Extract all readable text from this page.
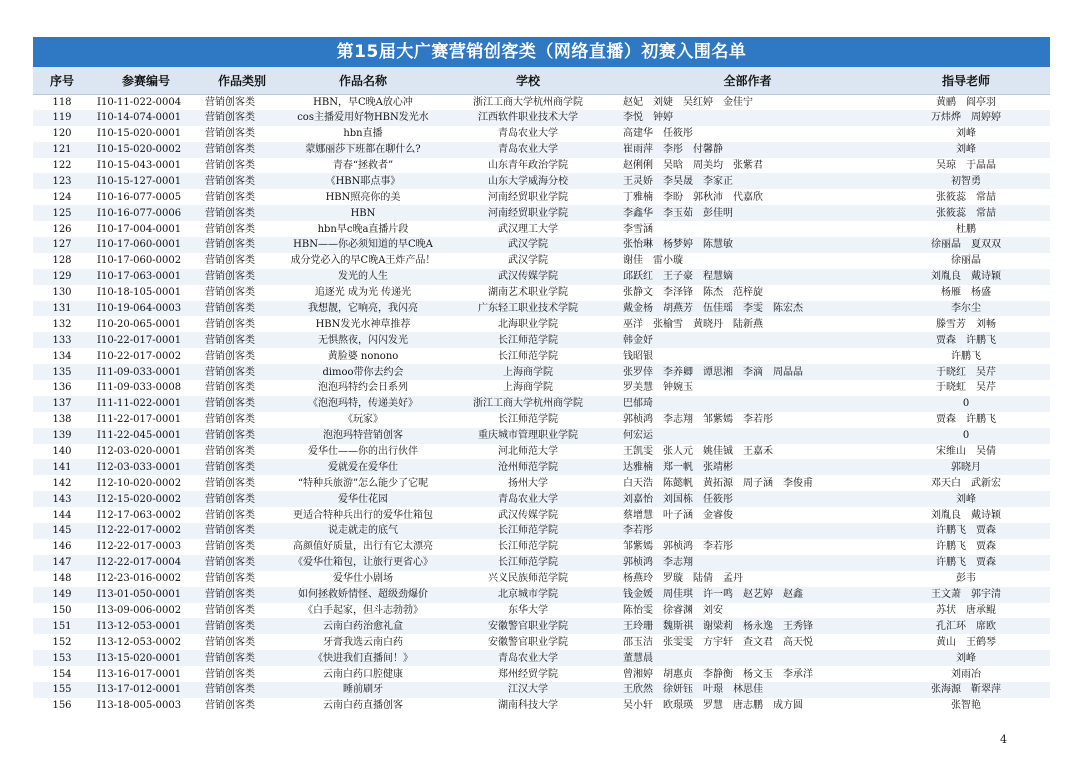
第15届大广赛营销创客类（网络直播）初赛入围名单
序号	参赛编号	作品类别	作品名称	学校	全部作者	指导老师
118	I10-11-022-0004	营销创客类	HBN，早C晚A放心冲	浙江工商大学杭州商学院	赵妃　刘婕　吴红婷　金佳宁	黄鹂　阎亭羽
119	I10-14-074-0001	营销创客类	cos主播爱用好物HBN发光水	江西软件职业技术大学	李悦　钟婷	万炜烨　周婷婷
120	I10-15-020-0001	营销创客类	hbn直播	青岛农业大学	高建华　任筱彤	刘峰
121	I10-15-020-0002	营销创客类	蒙娜丽莎下班都在聊什么?	青岛农业大学	崔雨萍　李彤　付馨静	刘峰
122	I10-15-043-0001	营销创客类	青春“拯救者”	山东青年政治学院	赵俐俐　吴晗　周美均　张紫君	吴琼　于晶晶
123	I10-15-127-0001	营销创客类	《HBN耶点事》	山东大学威海分校	王灵娇　李昊晟　李家正	初智勇
124	I10-16-077-0005	营销创客类	HBN照亮你的美	河南经贸职业学院	丁雅楠　李盼　郭秋沛　代嘉欣	张筱蕊　常喆
125	I10-16-077-0006	营销创客类	HBN	河南经贸职业学院	李鑫华　李玉茹　彭佳明	张筱蕊　常喆
126	I10-17-004-0001	营销创客类	hbn早c晚a直播片段	武汉理工大学	李雪涵	杜鹏
127	I10-17-060-0001	营销创客类	HBN——你必须知道的早C晚A	武汉学院	张怡琳　杨梦婷　陈慧敏	徐丽晶　夏双双
128	I10-17-060-0002	营销创客类	成分党必入的早C晚A王炸产品！	武汉学院	谢佳　雷小璇	徐丽晶
129	I10-17-063-0001	营销创客类	发光的人生	武汉传媒学院	邱跃红　王子豪　程慧嫡	刘胤良　戴诗颖
130	I10-18-105-0001	营销创客类	追逐光 成为光 传递光	湖南艺术职业学院	张静文　李泽锋　陈杰　范梓旋	杨雁　杨盛
131	I10-19-064-0003	营销创客类	我想靓，它响亮，我闪亮	广东轻工职业技术学院	戴金杨　胡燕芳　伍佳瑶　李雯　陈宏杰	李尔尘
132	I10-20-065-0001	营销创客类	HBN发光水神草推荐	北海职业学院	巫洋　张榆雪　黄晓丹　陆新燕	滕雪芳　刘畅
133	I10-22-017-0001	营销创客类	无惧熬夜，闪闪发光	长江师范学院	韩金妤	贾森　许鹏飞
134	I10-22-017-0002	营销创客类	黄脸婆 nonono	长江师范学院	钱昭银	许鹏飞
135	I11-09-033-0001	营销创客类	dimoo带你去约会	上海商学院	张罗倖　李养卿　谭思湘　李滴　周晶晶	于晓红　吴芹
136	I11-09-033-0008	营销创客类	泡泡玛特约会日系列	上海商学院	罗美慧　钟婉玉	于晓虹　吴芹
137	I11-11-022-0001	营销创客类	《泡泡玛特，传递美好》	浙江工商大学杭州商学院	巴郁琦	0
138	I11-22-017-0001	营销创客类	《玩家》	长江师范学院	郭桢鸿　李志翔　邹紫嫣　李若彤	贾森　许鹏飞
139	I11-22-045-0001	营销创客类	泡泡玛特营销创客	重庆城市管理职业学院	何宏运	0
140	I12-03-020-0001	营销创客类	爱华仕——你的出行伙伴	河北师范大学	王凯雯　张人元　姚佳铖　王嘉禾	宋维山　吴倩
141	I12-03-033-0001	营销创客类	爱就爱在爱华仕	沧州师范学院	达雅楠　郑一帆　张靖彬	郭晓月
142	I12-10-020-0002	营销创客类	“特种兵旅游”怎么能少了它呢	扬州大学	白天浩　陈懿帆　黄拓源　周子涵　李俊甫	邓天白　武新宏
143	I12-15-020-0002	营销创客类	爱华仕花园	青岛农业大学	刘嘉怡　刘国栋　任筱彤	刘峰
144	I12-17-063-0002	营销创客类	更适合特种兵出行的爱华仕箱包	武汉传媒学院	蔡增慧　叶子涵　金睿俊	刘胤良　戴诗颖
145	I12-22-017-0002	营销创客类	说走就走的底气	长江师范学院	李若彤	许鹏飞　贾森
146	I12-22-017-0003	营销创客类	高颜值好质量，出行有它太漂亮	长江师范学院	邹紫嫣　郭桢鸿　李若彤	许鹏飞　贾森
147	I12-22-017-0004	营销创客类	《爱华仕箱包，让旅行更省心》	长江师范学院	郭桢鸿　李志翔	许鹏飞　贾森
148	I12-23-016-0002	营销创客类	爱华仕小剧场	兴义民族师范学院	杨燕玲　罗璇　陆倩　孟丹	彭韦
149	I13-01-050-0001	营销创客类	如何拯救娇情怪、超级劲爆价	北京城市学院	钱金媛　周佳琪　许一鸣　赵艺婷　赵鑫	王文萧　郭宇清
150	I13-09-006-0002	营销创客类	《白手起家，但斗志勃勃》	东华大学	陈怡雯　徐睿渊　刘安	苏状　唐承鲲
151	I13-12-053-0001	营销创客类	云南白药治愈礼盒	安徽警官职业学院	王玲珊　魏斯祺　谢梁莉　杨永逸　王秀锋	孔汇环　席欧
152	I13-12-053-0002	营销创客类	牙膏我选云南白药	安徽警官职业学院	邵玉洁　张雯雯　方宇轩　查文君　高天悦	黄山　王鹤琴
153	I13-15-020-0001	营销创客类	《快进我们直播间！》	青岛农业大学	董慧晨	刘峰
154	I13-16-017-0001	营销创客类	云南白药口腔健康	郑州经贸学院	曾湘婷　胡惠贞　李静衡　杨文玉　李承洋	刘雨冶
155	I13-17-012-0001	营销创客类	睡前刷牙	江汉大学	王欣然　徐妍钰　叶璟　林思佳	张海源　靳翠萍
156	I13-18-005-0003	营销创客类	云南白药直播创客	湖南科技大学	吴小轩　欧璟瑛　罗慧　唐志鹏　成方圆	张智艳
4
